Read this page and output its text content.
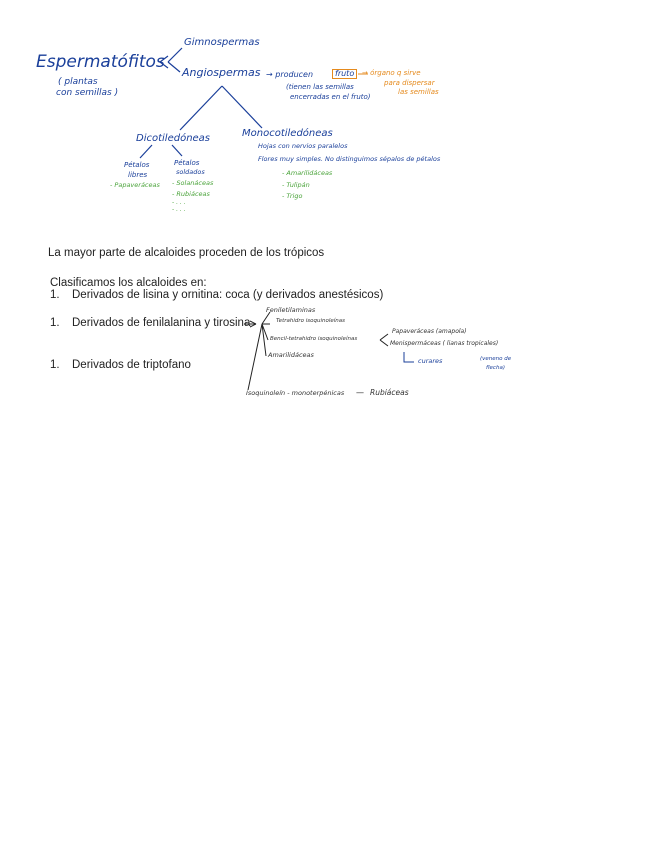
Espermatófitos
( plantas
con semillas )
Gimnospermas
Angiospermas → producen	fruto
(tienen las semillas
encerradas en el fruto)
→ órgano q sirve
para dispersar
las semillas
Dicotiledóneas	Monocotiledóneas
Hojas con nervios paralelos
Flores muy simples. No distinguimos sépalos de pétalos
- Amarilidáceas
- Tulipán
- Trigo
Pétalos
libres
- Papaveráceas
Pétalos
soldados
- Solanáceas
- Rubiáceas
- . . .
- . . .
La mayor parte de alcaloides proceden de los trópicos
Clasificamos los alcaloides en:
1. Derivados de lisina y ornitina: coca (y derivados anestésicos)
1. Derivados de fenilalanina y tirosina
1. Derivados de triptofano
Feniletilaminas
Tetrahidro isoquinoleínas
Bencil-tetrahidro isoquinoleínas
Amarilidáceas
Papaveráceas (amapola)
Menispermáceas ( lianas tropicales)
curares	(veneno de
flecha)
Isoquinoleín - monoterpénicas — Rubiáceas
